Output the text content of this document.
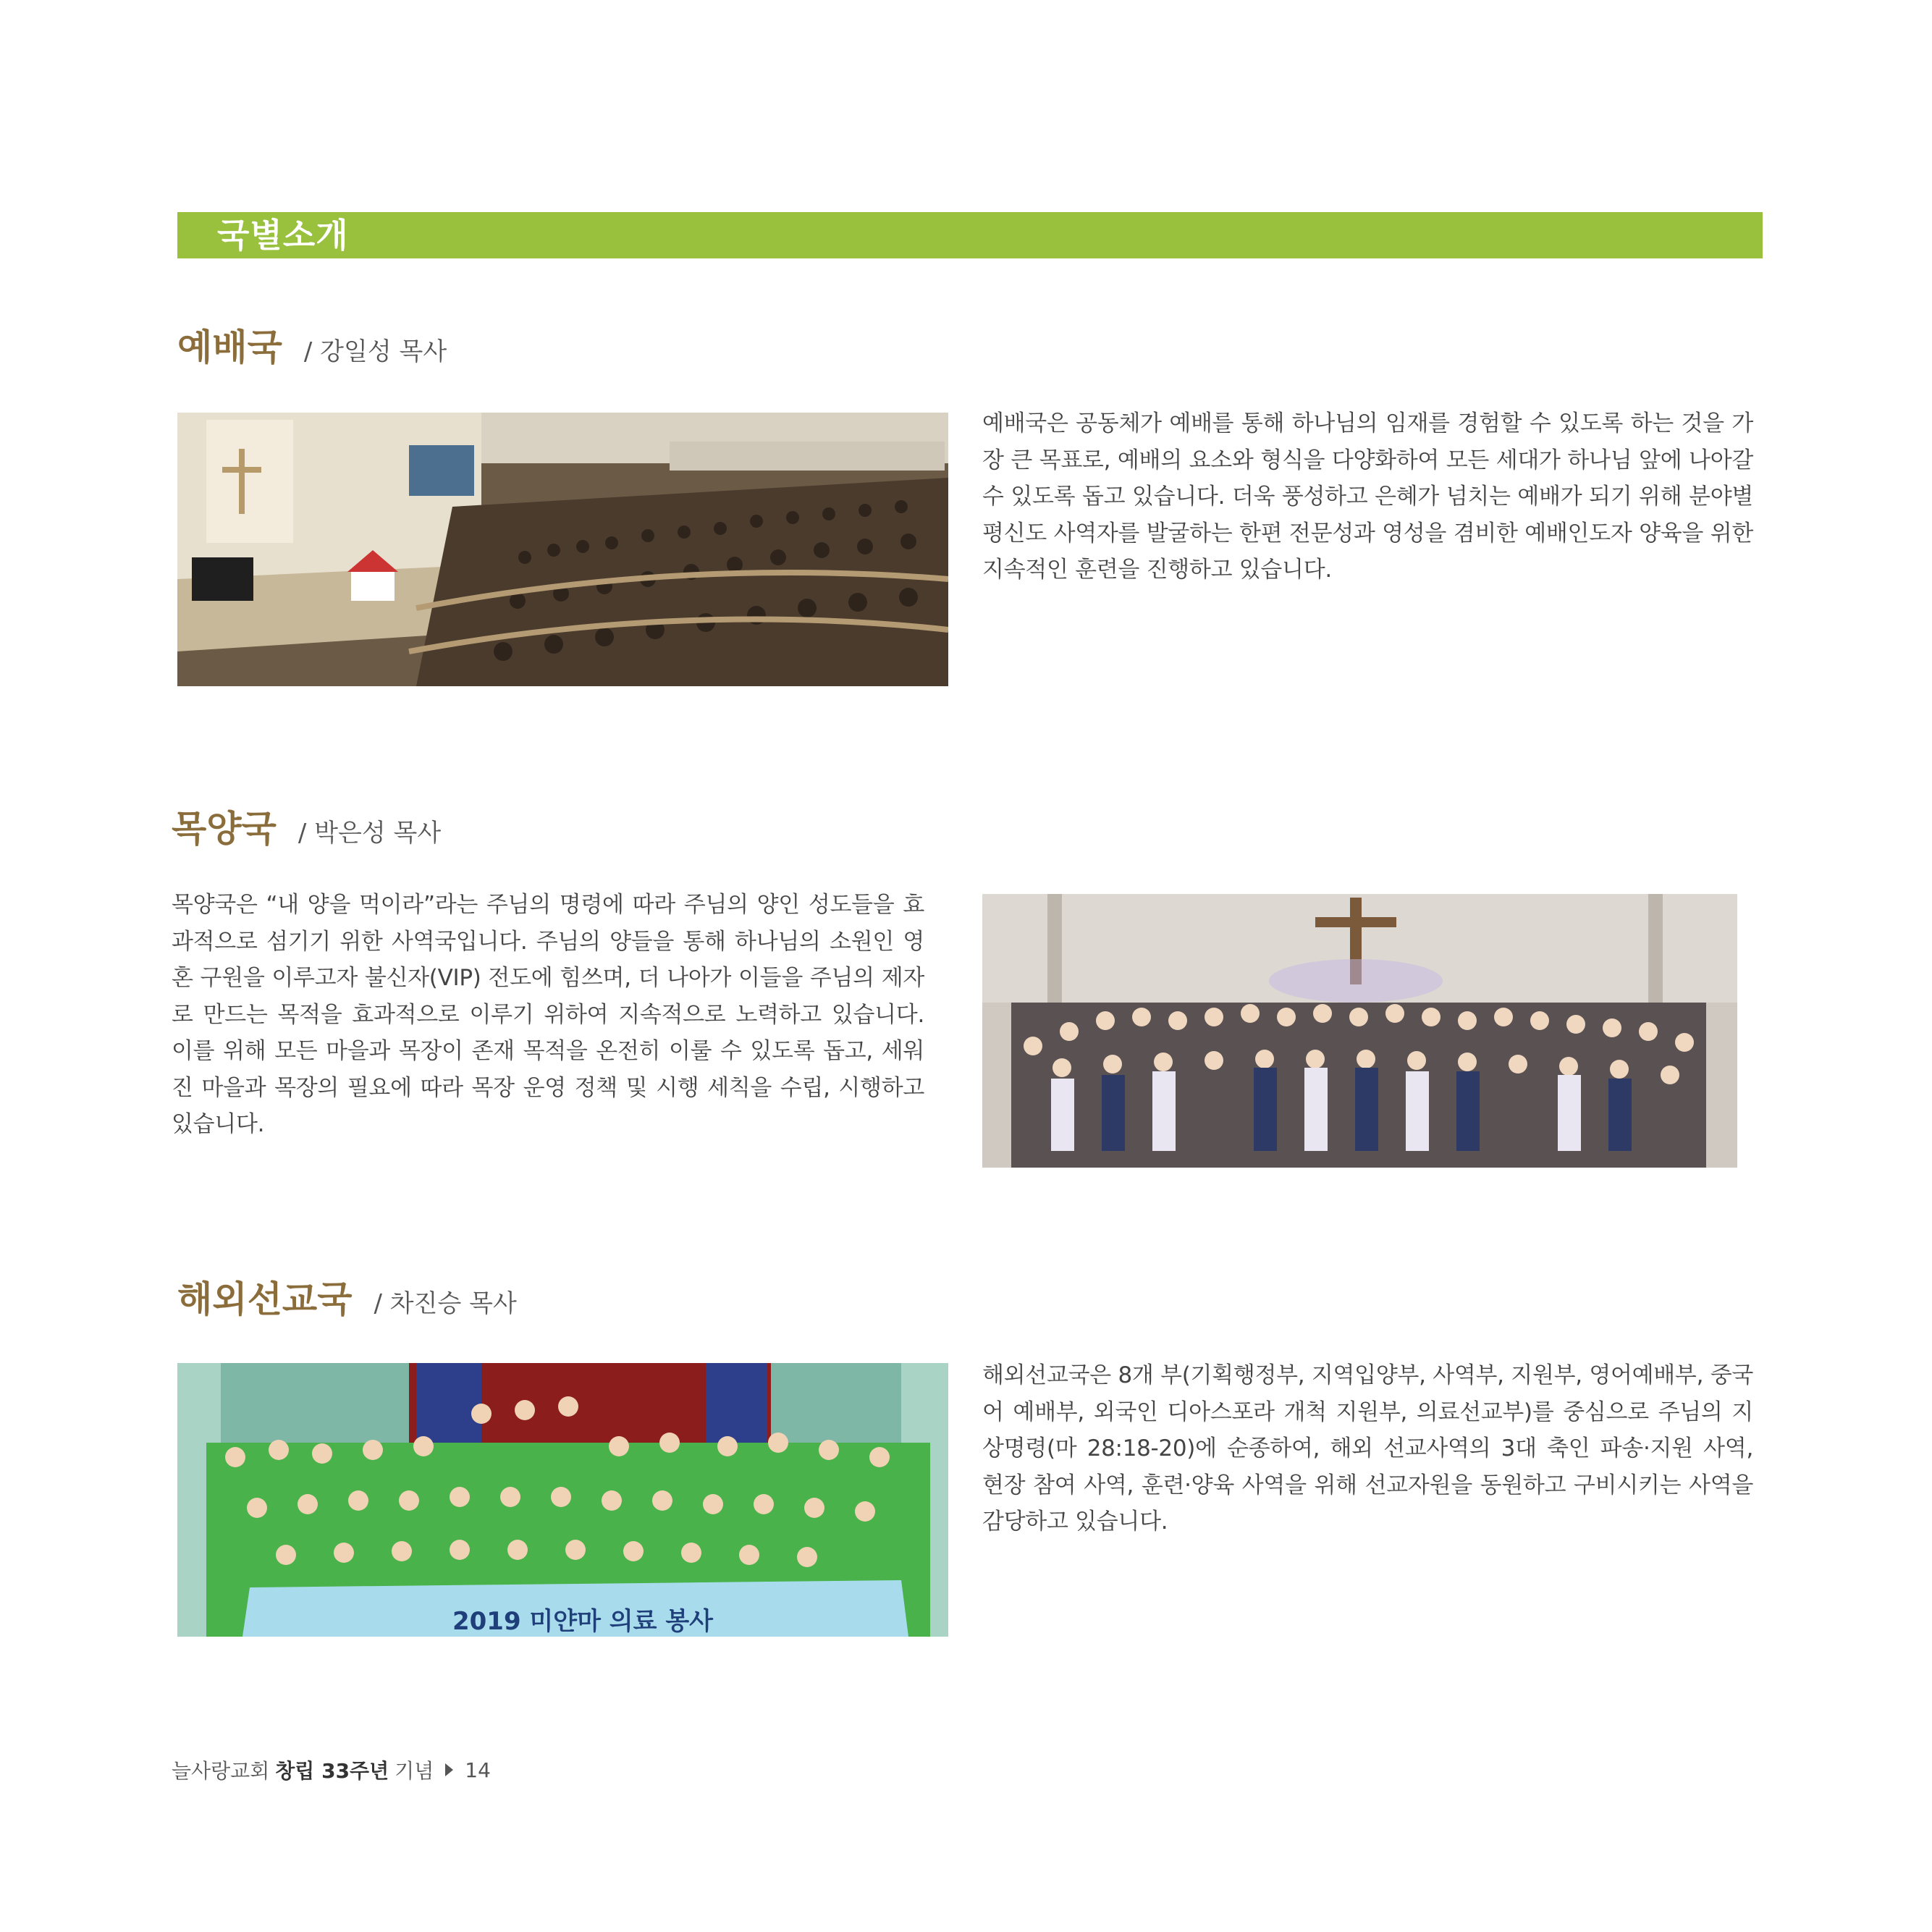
국별소개
예배국 / 강일성 목사
예배국은 공동체가 예배를 통해 하나님의 임재를 경험할 수 있도록 하는 것을 가장 큰 목표로, 예배의 요소와 형식을 다양화하여 모든 세대가 하나님 앞에 나아갈 수 있도록 돕고 있습니다. 더욱 풍성하고 은혜가 넘치는 예배가 되기 위해 분야별 평신도 사역자를 발굴하는 한편 전문성과 영성을 겸비한 예배인도자 양육을 위한 지속적인 훈련을 진행하고 있습니다.
목양국 / 박은성 목사
목양국은 “내 양을 먹이라”라는 주님의 명령에 따라 주님의 양인 성도들을 효과적으로 섬기기 위한 사역국입니다. 주님의 양들을 통해 하나님의 소원인 영혼 구원을 이루고자 불신자(VIP) 전도에 힘쓰며, 더 나아가 이들을 주님의 제자로 만드는 목적을 효과적으로 이루기 위하여 지속적으로 노력하고 있습니다. 이를 위해 모든 마을과 목장이 존재 목적을 온전히 이룰 수 있도록 돕고, 세워진 마을과 목장의 필요에 따라 목장 운영 정책 및 시행 세칙을 수립, 시행하고 있습니다.
해외선교국 / 차진승 목사
2019 미얀마 의료 봉사
해외선교국은 8개 부(기획행정부, 지역입양부, 사역부, 지원부, 영어예배부, 중국어 예배부, 외국인 디아스포라 개척 지원부, 의료선교부)를 중심으로 주님의 지상명령(마 28:18-20)에 순종하여, 해외 선교사역의 3대 축인 파송·지원 사역, 현장 참여 사역, 훈련·양육 사역을 위해 선교자원을 동원하고 구비시키는 사역을 감당하고 있습니다.
늘사랑교회 창립 33주년 기념 14
